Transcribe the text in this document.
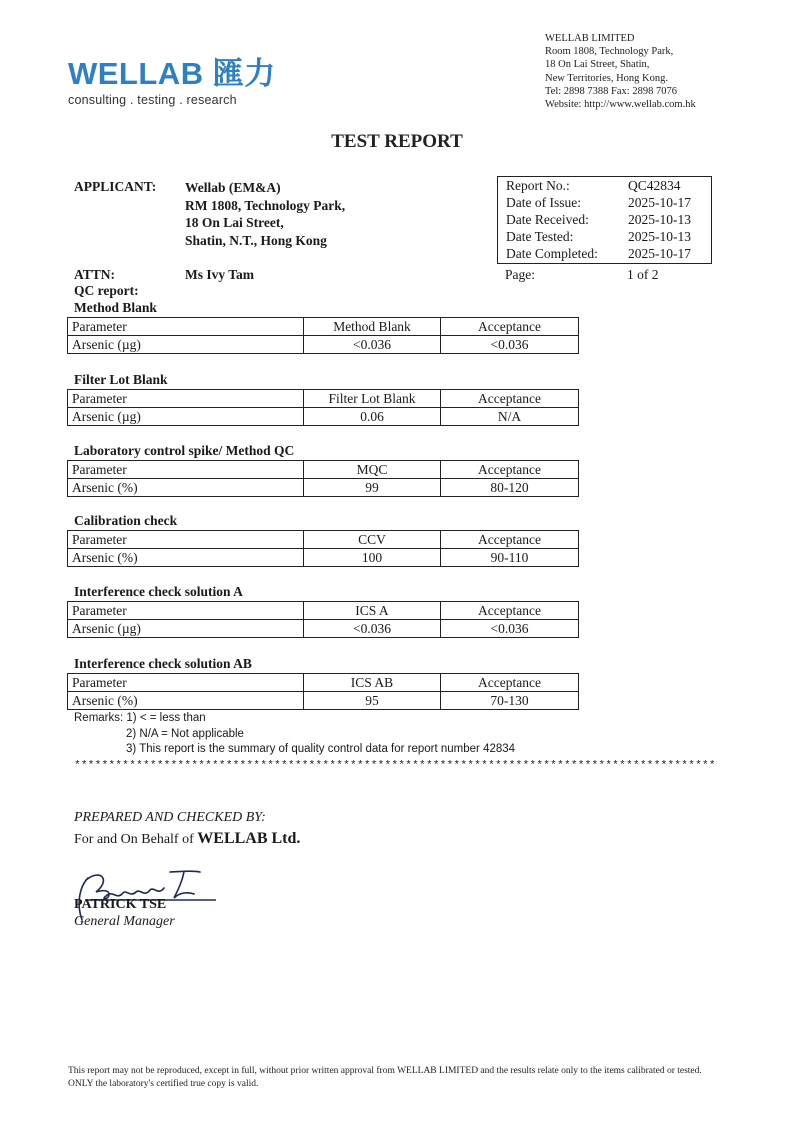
WELLAB 匯力
consulting . testing . research
WELLAB LIMITED
Room 1808, Technology Park,
18 On Lai Street, Shatin,
New Territories, Hong Kong.
Tel: 2898 7388 Fax: 2898 7076
Website: http://www.wellab.com.hk
TEST REPORT
APPLICANT: Wellab (EM&A)
RM 1808, Technology Park,
18 On Lai Street,
Shatin, N.T., Hong Kong
ATTN:	Ms Ivy Tam
QC report:
Report No.:	QC42834
Date of Issue:	2025-10-17
Date Received:	2025-10-13
Date Tested:	2025-10-13
Date Completed:	2025-10-17
Page:	1 of 2
Method Blank
Parameter	Method Blank	Acceptance
Arsenic (µg)	<0.036	<0.036
Filter Lot Blank
Parameter	Filter Lot Blank	Acceptance
Arsenic (µg)	0.06	N/A
Laboratory control spike/ Method QC
Parameter	MQC	Acceptance
Arsenic (%)	99	80-120
Calibration check
Parameter	CCV	Acceptance
Arsenic (%)	100	90-110
Interference check solution A
Parameter	ICS A	Acceptance
Arsenic (µg)	<0.036	<0.036
Interference check solution AB
Parameter	ICS AB	Acceptance
Arsenic (%)	95	70-130
Remarks: 1) < = less than
2) N/A = Not applicable
3) This report is the summary of quality control data for report number 42834
*********************************************************************************************
PREPARED AND CHECKED BY:
For and On Behalf of WELLAB Ltd.
PATRICK TSE
General Manager
This report may not be reproduced, except in full, without prior written approval from WELLAB LIMITED and the results relate only to the items calibrated or tested. ONLY the laboratory's certified true copy is valid.
